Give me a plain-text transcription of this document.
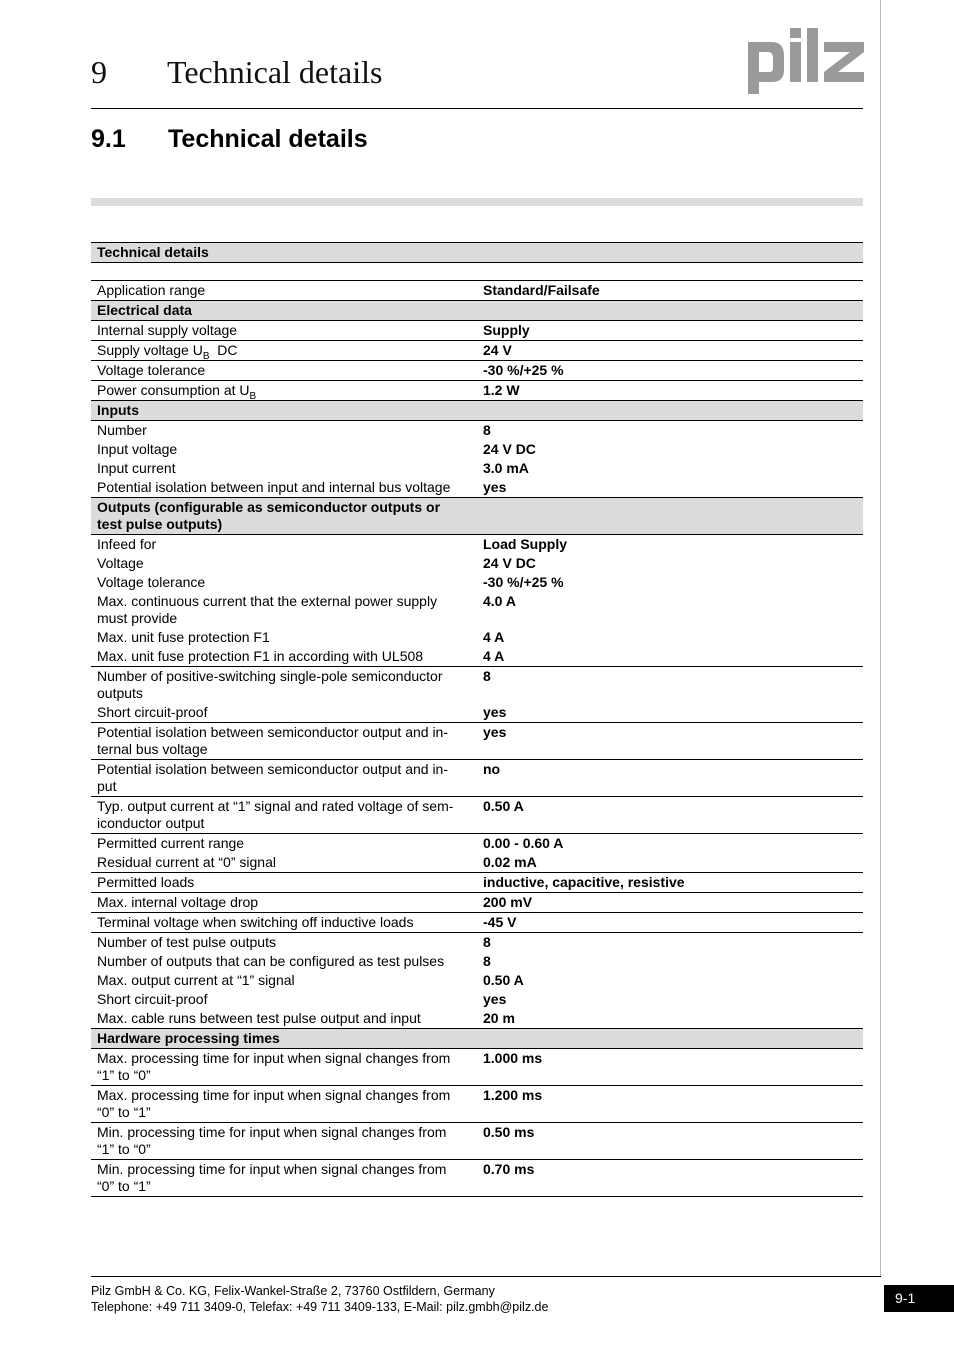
9 Technical details
9.1 Technical details
Technical details	

Application range	Standard/Failsafe
Electrical data	
Internal supply voltage	Supply
Supply voltage $U_B$  DC	24 V
Voltage tolerance	-30 %/+25 %
Power consumption at $U_B$	1.2 W
Inputs	
Number	8
Input voltage	24 V DC
Input current	3.0 mA
Potential isolation between input and internal bus voltage	yes
Outputs (configurable as semiconductor outputs or
test pulse outputs)	
Infeed for	Load Supply
Voltage	24 V DC
Voltage tolerance	-30 %/+25 %
Max. continuous current that the external power supply
must provide	4.0 A
Max. unit fuse protection F1	4 A
Max. unit fuse protection F1 in according with UL508	4 A
Number of positive-switching single-pole semiconductor
outputs	8
Short circuit-proof	yes
Potential isolation between semiconductor output and in-
ternal bus voltage	yes
Potential isolation between semiconductor output and in-
put	no
Typ. output current at “1” signal and rated voltage of sem-
iconductor output	0.50 A
Permitted current range	0.00 - 0.60 A
Residual current at “0” signal	0.02 mA
Permitted loads	inductive, capacitive, resistive
Max. internal voltage drop	200 mV
Terminal voltage when switching off inductive loads	-45 V
Number of test pulse outputs	8
Number of outputs that can be configured as test pulses	8
Max. output current at “1” signal	0.50 A
Short circuit-proof	yes
Max. cable runs between test pulse output and input	20 m
Hardware processing times	
Max. processing time for input when signal changes from
“1” to “0”	1.000 ms
Max. processing time for input when signal changes from
“0” to “1”	1.200 ms
Min. processing time for input when signal changes from
“1” to “0”	0.50 ms
Min. processing time for input when signal changes from
“0” to “1”	0.70 ms
Pilz GmbH & Co. KG, Felix-Wankel-Straße 2, 73760 Ostfildern, Germany
Telephone: +49 711 3409-0, Telefax: +49 711 3409-133, E-Mail: pilz.gmbh@pilz.de
9-1
